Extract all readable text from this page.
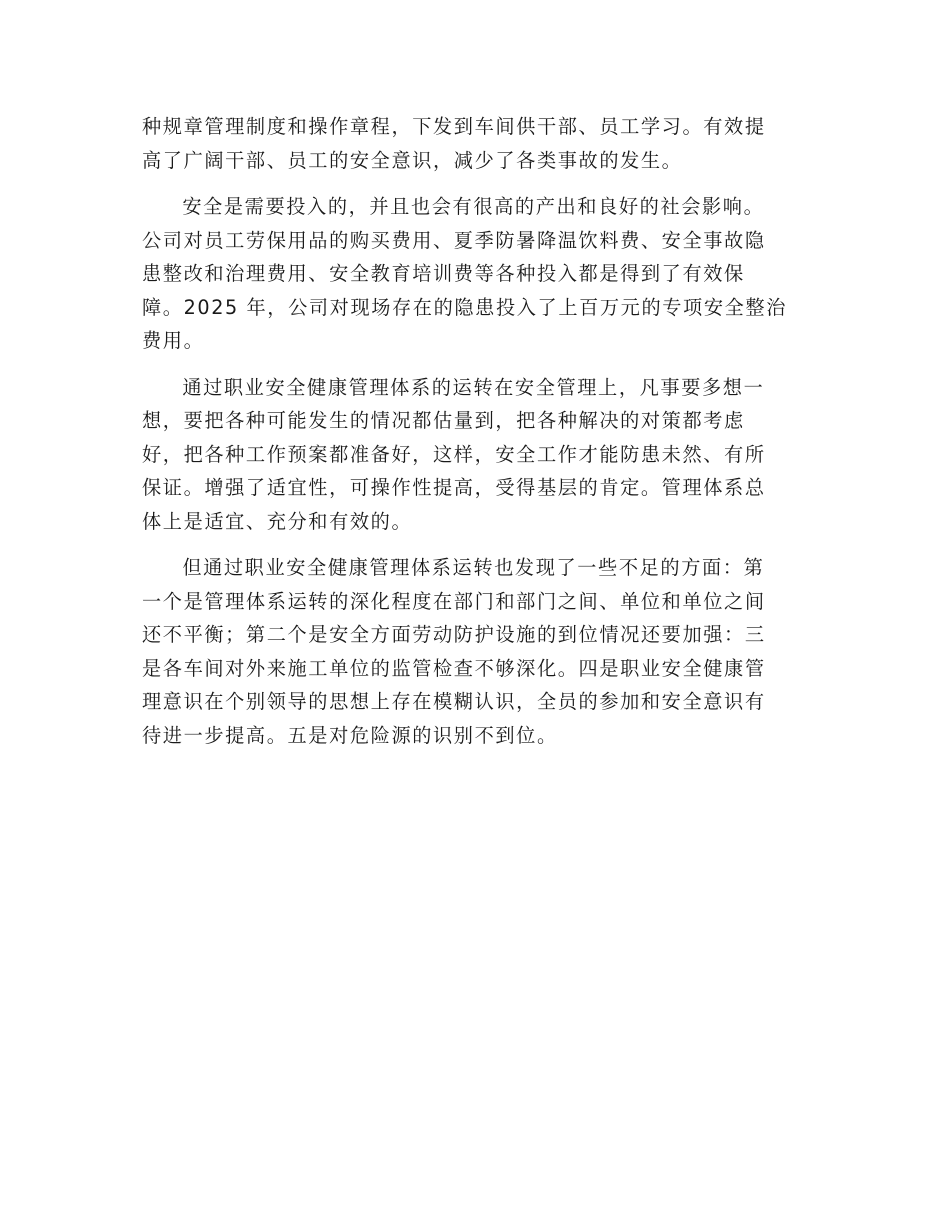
种规章管理制度和操作章程，下发到车间供干部、员工学习。有效提
高了广阔干部、员工的安全意识，减少了各类事故的发生。

安全是需要投入的，并且也会有很高的产出和良好的社会影响。
公司对员工劳保用品的购买费用、夏季防暑降温饮料费、安全事故隐
患整改和治理费用、安全教育培训费等各种投入都是得到了有效保
障。2025 年，公司对现场存在的隐患投入了上百万元的专项安全整治
费用。

通过职业安全健康管理体系的运转在安全管理上，凡事要多想一
想，要把各种可能发生的情况都估量到，把各种解决的对策都考虑
好，把各种工作预案都准备好，这样，安全工作才能防患未然、有所
保证。增强了适宜性，可操作性提高，受得基层的肯定。管理体系总
体上是适宜、充分和有效的。

但通过职业安全健康管理体系运转也发现了一些不足的方面：第
一个是管理体系运转的深化程度在部门和部门之间、单位和单位之间
还不平衡；第二个是安全方面劳动防护设施的到位情况还要加强：三
是各车间对外来施工单位的监管检查不够深化。四是职业安全健康管
理意识在个别领导的思想上存在模糊认识，全员的参加和安全意识有
待进一步提高。五是对危险源的识别不到位。
